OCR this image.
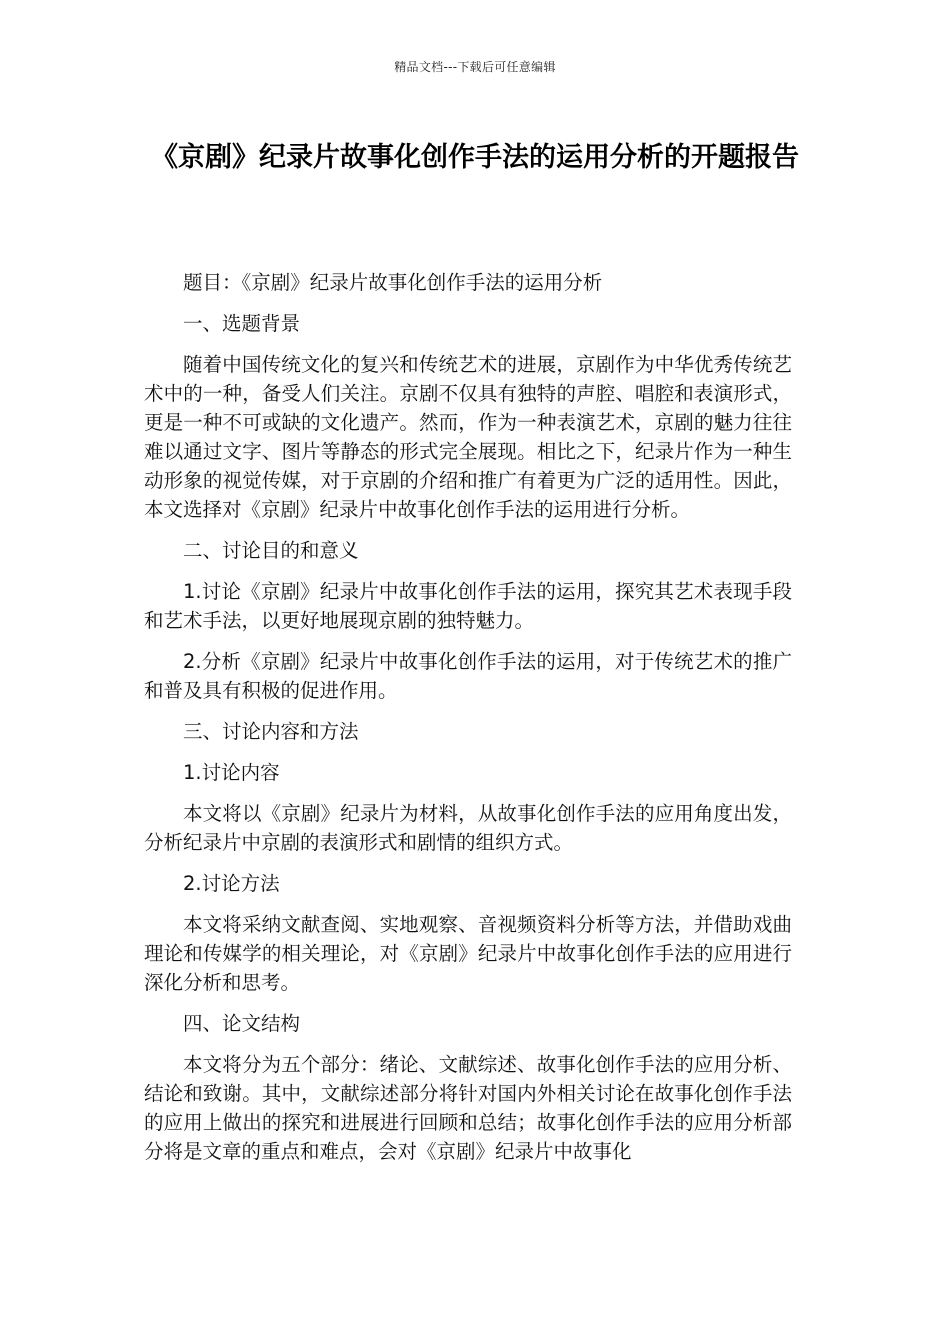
精品文档---下载后可任意编辑
《京剧》纪录片故事化创作手法的运用分析的开题报告

题目：《京剧》纪录片故事化创作手法的运用分析

一、选题背景

随着中国传统文化的复兴和传统艺术的进展，京剧作为中华优秀传统艺术中的一种，备受人们关注。京剧不仅具有独特的声腔、唱腔和表演形式，更是一种不可或缺的文化遗产。然而，作为一种表演艺术，京剧的魅力往往难以通过文字、图片等静态的形式完全展现。相比之下，纪录片作为一种生动形象的视觉传媒，对于京剧的介绍和推广有着更为广泛的适用性。因此，本文选择对《京剧》纪录片中故事化创作手法的运用进行分析。

二、讨论目的和意义

1.讨论《京剧》纪录片中故事化创作手法的运用，探究其艺术表现手段和艺术手法，以更好地展现京剧的独特魅力。

2.分析《京剧》纪录片中故事化创作手法的运用，对于传统艺术的推广和普及具有积极的促进作用。

三、讨论内容和方法

1.讨论内容

本文将以《京剧》纪录片为材料，从故事化创作手法的应用角度出发，分析纪录片中京剧的表演形式和剧情的组织方式。

2.讨论方法

本文将采纳文献查阅、实地观察、音视频资料分析等方法，并借助戏曲理论和传媒学的相关理论，对《京剧》纪录片中故事化创作手法的应用进行深化分析和思考。

四、论文结构

本文将分为五个部分：绪论、文献综述、故事化创作手法的应用分析、结论和致谢。其中，文献综述部分将针对国内外相关讨论在故事化创作手法的应用上做出的探究和进展进行回顾和总结；故事化创作手法的应用分析部分将是文章的重点和难点，会对《京剧》纪录片中故事化
